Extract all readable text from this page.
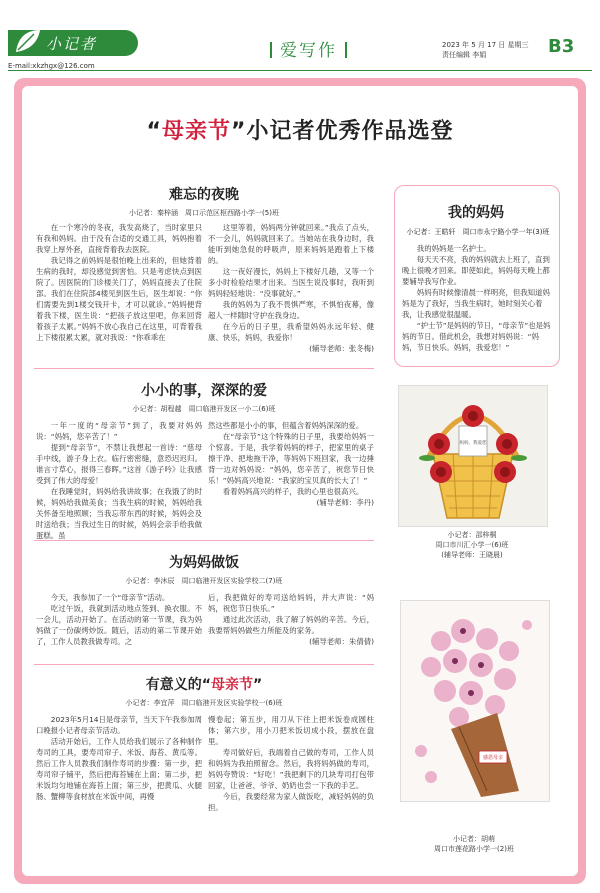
小记者
E-mail:xkzhgx@126.com
爱写作	2023 年 5 月 17 日 星期三
责任编辑 李娟	B3
“母亲节”小记者优秀作品选登
难忘的夜晚
小记者：秦梓涵　周口示范区枢西路小学一(5)班

在一个寒冷的冬夜，我发高烧了，当时家里只有我和妈妈。由于没有合适的交通工具，妈妈抱着我穿上厚外套，直接背着我去医院。

我记得之前妈妈是很怕晚上出来的，但她背着生病的我时，却没感觉到害怕。只是考虑快点到医院了。因医院的门诊楼关门了，妈妈直接去了住院部。我们在住院部4楼见到医生后，医生却说：“你们需要先到1楼交钱开卡，才可以就诊。”妈妈便背着我下楼，医生说：“把孩子放这里吧，你来回背着孩子太累。”妈妈不放心我自己在这里，可背着我上下楼很累太累，就对我说：“你乖乖在

这里等着，妈妈两分钟就回来。”我点了点头，不一会儿，妈妈就回来了。当她站在我身边时，我能听到她急促的呼吸声，原来妈妈是跑着上下楼的。

这一夜好漫长，妈妈上下楼好几趟，又等一个多小时检验结果才出来。当医生说没事时，我听到妈妈轻轻地说：“没事就好。”

我的妈妈为了我不畏惧严寒，不惧怕夜幕，像超人一样随时守护在我身边。

在今后的日子里，我希望妈妈永远年轻、健康、快乐，妈妈，我爱你！

(辅导老师：张冬梅)
小小的事，深深的爱
小记者：胡程越　周口临港开发区一小二(6)班

一年一度的“母亲节”到了，我要对妈妈说：“妈妈，您辛苦了！”

提到“母亲节”，不禁让我想起一首诗：“慈母手中线，游子身上衣。临行密密缝，意恐迟迟归。谁言寸草心，报得三春晖。”这首《游子吟》让我感受到了伟大的母爱！

在我睡觉时，妈妈给我讲故事；在我饿了的时候，妈妈给我做美食；当我生病的时候，妈妈给我关怀备至地照顾；当我忘带东西的时候，妈妈会及时送给我；当我过生日的时候，妈妈会亲手给我做蛋糕。虽

然这些都是小小的事，但蕴含着妈妈深深的爱。

在“母亲节”这个特殊的日子里，我要给妈妈一个惊喜。于是，我学着妈妈的样子，把家里的桌子擦干净、把地拖干净，等妈妈下班回家，我一边捶背一边对妈妈说：“妈妈，您辛苦了，祝您节日快乐！”妈妈高兴地说：“我家的宝贝真的长大了！”

看着妈妈高兴的样子，我的心里也很高兴。

(辅导老师：李丹)
为妈妈做饭
小记者：李沐辰　周口临港开发区实验学校二(7)班

今天，我参加了一个“母亲节”活动。

吃过午饭，我就到活动地点签到、换衣服。不一会儿，活动开始了。在活动的第一节课，我为妈妈做了一份碳烤炒饭。随后，活动的第二节课开始了，工作人员教我做寿司。之

后，我把做好的寿司送给妈妈，并大声说：“妈妈，祝您节日快乐。”

通过此次活动，我了解了妈妈的辛苦。今后，我要帮妈妈做些力所能及的家务。

(辅导老师：朱倩倩)
有意义的“母亲节”
小记者：李宜萍　周口临港开发区实验学校一(6)班

2023年5月14日是母亲节，当天下午我参加周口晚报小记者母亲节活动。

活动开始后，工作人员给我们展示了各种制作寿司的工具，要寿司帘子、米饭、海苔、黄瓜等。然后工作人员教我们制作寿司的步骤：第一步，把寿司帘子铺平，然后把海苔铺在上面；第二步，把米饭均匀地铺在海苔上面；第三步，把黄瓜、火腿肠、蟹柳等食材放在米饭中间，再慢

慢卷起；第五步，用刀从下往上把米饭卷成圆柱体；第六步，用小刀把米饭切成小段，摆放在盘里。

寿司做好后，我端着自己做的寿司，工作人员和妈妈为我拍照留念。然后，我将妈妈做的寿司，妈妈夸赞说：“好吃！”我把剩下的几块寿司打包带回家，让爸爸、爷爷、奶奶也尝一下我的手艺。

今后，我要经常为家人做饭吃，减轻妈妈的负担。

我的妈妈
小记者：王皓轩　周口市永宁路小学一年(3)班

我的妈妈是一名护士。

每天天不亮，我的妈妈就去上班了，直到晚上很晚才回来。即使如此，妈妈每天晚上都要辅导我写作业。

妈妈有时候像清晨一样明亮，但我知道妈妈是为了我好，当我生病时，她时刻关心着我，让我感觉很温暖。

“护士节”是妈妈的节日，“母亲节”也是妈妈的节日。借此机会，我想对妈妈说：“妈妈，节日快乐。妈妈，我爱您！”

妈妈，我爱您
小记者：邵梓桐
周口市川汇小学一(6)班
(辅导老师：王晓晨)
感恩母亲
小记者：胡萌
周口市莲花路小学一(2)班
